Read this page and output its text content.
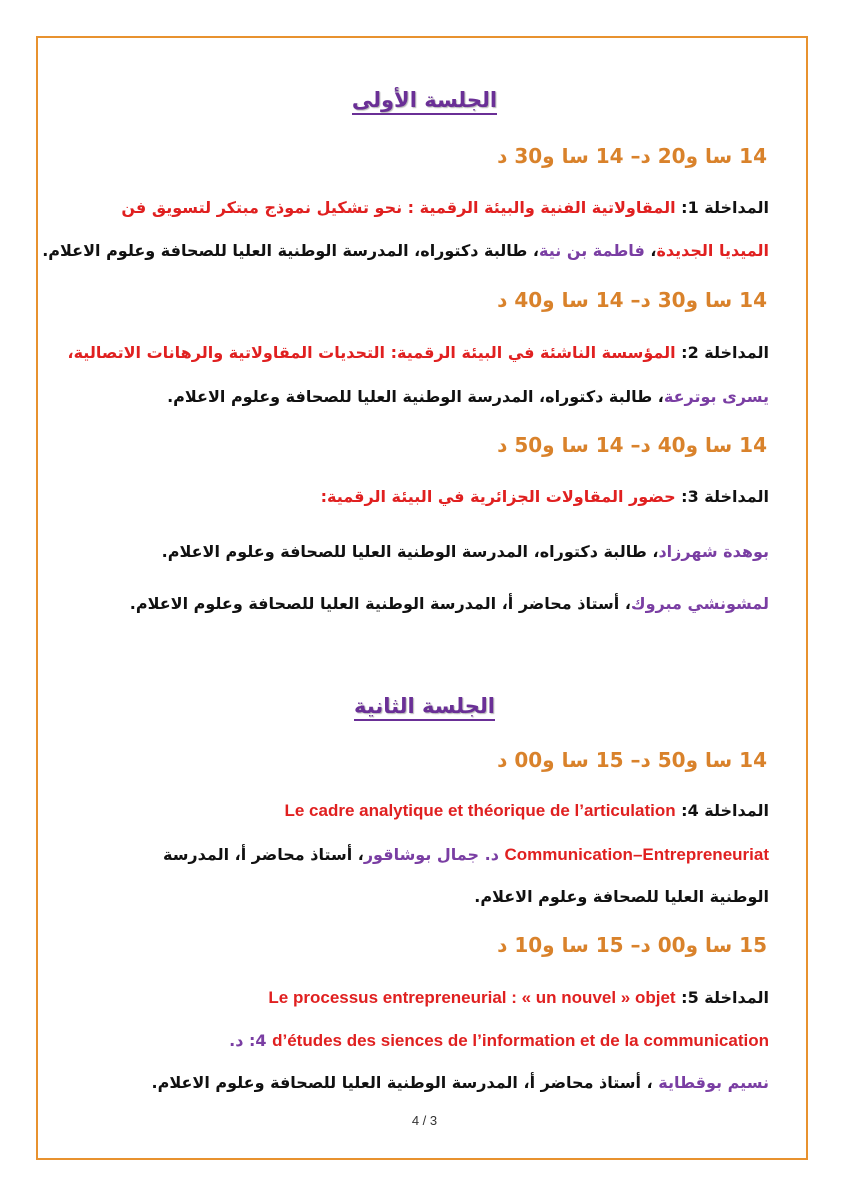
الجلسة الأولى
14 سا و20 د– 14 سا و30 د
المداخلة 1: المقاولاتية الفنية والبيئة الرقمية : نحو تشكيل نموذج مبتكر لتسويق فن
الميديا الجديدة، فاطمة بن نية، طالبة دكتوراه، المدرسة الوطنية العليا للصحافة وعلوم الاعلام.
14 سا و30 د– 14 سا و40 د
المداخلة 2: المؤسسة الناشئة في البيئة الرقمية: التحديات المقاولاتية والرهانات الاتصالية،
يسرى بوترعة، طالبة دكتوراه، المدرسة الوطنية العليا للصحافة وعلوم الاعلام.
14 سا و40 د– 14 سا و50 د
المداخلة 3: حضور المقاولات الجزائرية في البيئة الرقمية:
بوهدة شهرزاد، طالبة دكتوراه، المدرسة الوطنية العليا للصحافة وعلوم الاعلام.
لمشونشي مبروك، أستاذ محاضر أ، المدرسة الوطنية العليا للصحافة وعلوم الاعلام.
الجلسة الثانية
14 سا و50 د– 15 سا و00 د
المداخلة 4: Le cadre analytique et théorique de l’articulation
Communication–Entrepreneuriat د. جمال بوشاقور، أستاذ محاضر أ، المدرسة
الوطنية العليا للصحافة وعلوم الاعلام.
15 سا و00 د– 15 سا و10 د
المداخلة 5: Le processus entrepreneurial : « un nouvel » objet
d’études des siences de l’information et de la communication 4: د.
نسيم بوقطاية ، أستاذ محاضر أ، المدرسة الوطنية العليا للصحافة وعلوم الاعلام.
4 / 3
